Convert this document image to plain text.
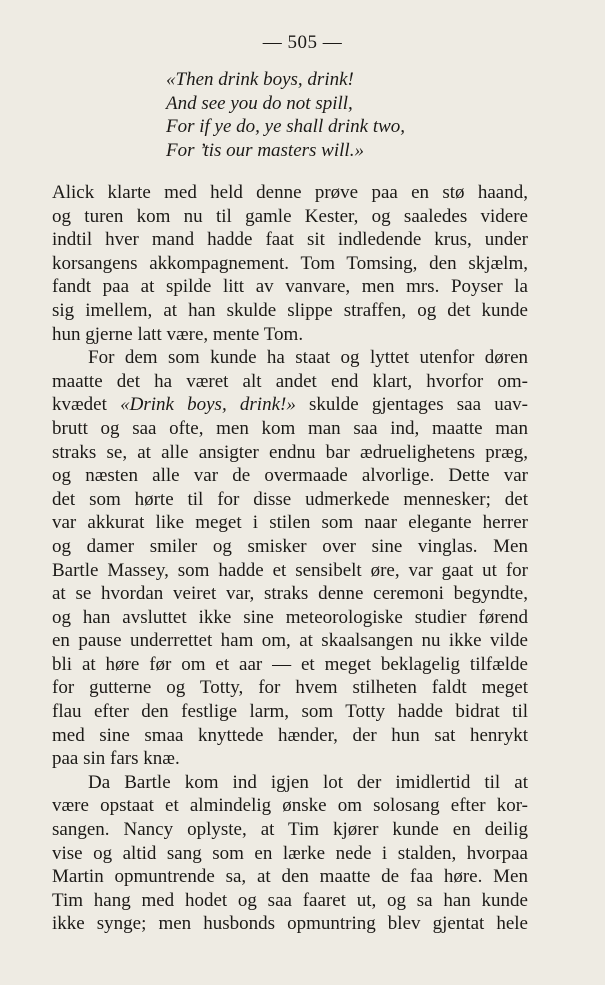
— 505 —
«Then drink boys, drink!
And see you do not spill,
For if ye do, ye shall drink two,
For ’tis our masters will.»
Alick klarte med held denne prøve paa en stø haand,
og turen kom nu til gamle Kester, og saaledes videre
indtil hver mand hadde faat sit indledende krus, under
korsangens akkompagnement. Tom Tomsing, den skjælm,
fandt paa at spilde litt av vanvare, men mrs. Poyser la
sig imellem, at han skulde slippe straffen, og det kunde
hun gjerne latt være, mente Tom.
For dem som kunde ha staat og lyttet utenfor døren
maatte det ha været alt andet end klart, hvorfor om-
kvædet «Drink boys, drink!» skulde gjentages saa uav-
brutt og saa ofte, men kom man saa ind, maatte man
straks se, at alle ansigter endnu bar ædruelighetens præg,
og næsten alle var de overmaade alvorlige. Dette var
det som hørte til for disse udmerkede mennesker; det
var akkurat like meget i stilen som naar elegante herrer
og damer smiler og smisker over sine vinglas. Men
Bartle Massey, som hadde et sensibelt øre, var gaat ut for
at se hvordan veiret var, straks denne ceremoni begyndte,
og han avsluttet ikke sine meteorologiske studier førend
en pause underrettet ham om, at skaalsangen nu ikke vilde
bli at høre før om et aar — et meget beklagelig tilfælde
for gutterne og Totty, for hvem stilheten faldt meget
flau efter den festlige larm, som Totty hadde bidrat til
med sine smaa knyttede hænder, der hun sat henrykt
paa sin fars knæ.
Da Bartle kom ind igjen lot der imidlertid til at
være opstaat et almindelig ønske om solosang efter kor-
sangen. Nancy oplyste, at Tim kjører kunde en deilig
vise og altid sang som en lærke nede i stalden, hvorpaa
Martin opmuntrende sa, at den maatte de faa høre. Men
Tim hang med hodet og saa faaret ut, og sa han kunde
ikke synge; men husbonds opmuntring blev gjentat hele
